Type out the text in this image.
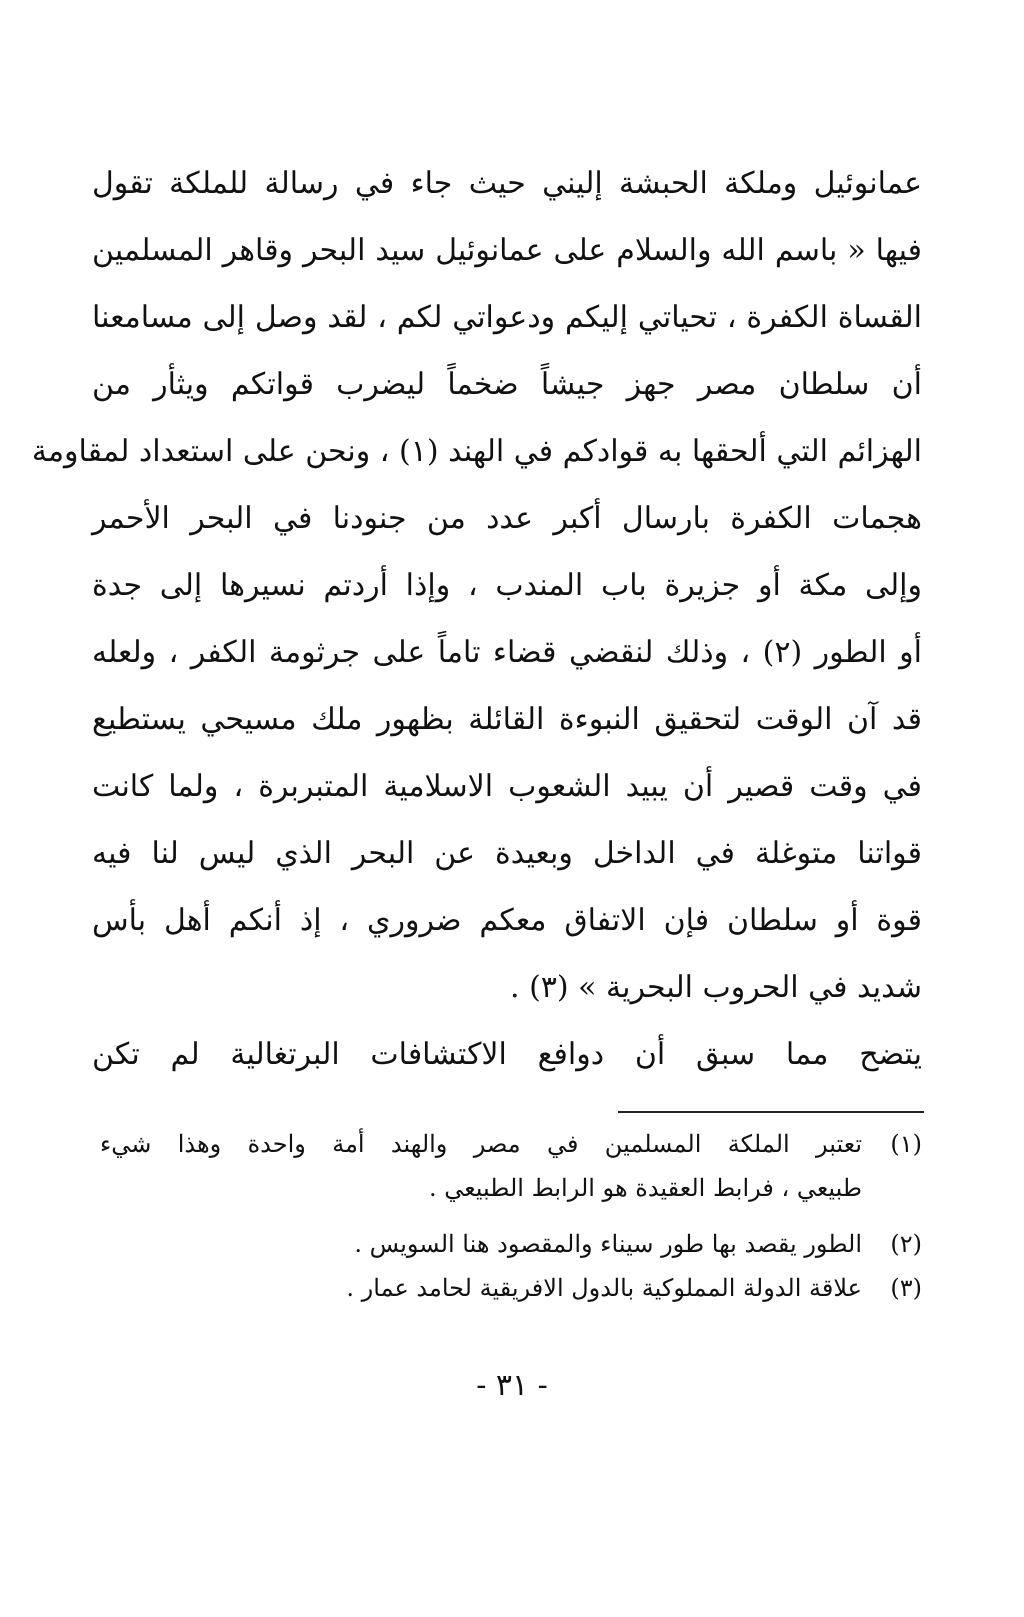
عمانوئيل وملكة الحبشة إليني حيث جاء في رسالة للملكة تقول
فيها « باسم الله والسلام على عمانوئيل سيد البحر وقاهر المسلمين
القساة الكفرة ، تحياتي إليكم ودعواتي لكم ، لقد وصل إلى مسامعنا
أن سلطان مصر جهز جيشاً ضخماً ليضرب قواتكم ويثأر من
الهزائم التي ألحقها به قوادكم في الهند (١) ، ونحن على استعداد لمقاومة
هجمات الكفرة بارسال أكبر عدد من جنودنا في البحر الأحمر
وإلى مكة أو جزيرة باب المندب ، وإذا أردتم نسيرها إلى جدة
أو الطور (٢) ، وذلك لنقضي قضاء تاماً على جرثومة الكفر ، ولعله
قد آن الوقت لتحقيق النبوءة القائلة بظهور ملك مسيحي يستطيع
في وقت قصير أن يبيد الشعوب الاسلامية المتبربرة ، ولما كانت
قواتنا متوغلة في الداخل وبعيدة عن البحر الذي ليس لنا فيه
قوة أو سلطان فإن الاتفاق معكم ضروري ، إذ أنكم أهل بأس
شديد في الحروب البحرية » (٣) .
يتضح مما سبق أن دوافع الاكتشافات البرتغالية لم تكن
(١)
تعتبر الملكة المسلمين في مصر والهند أمة واحدة وهذا شيء
طبيعي ، فرابط العقيدة هو الرابط الطبيعي .
(٢)
الطور يقصد بها طور سيناء والمقصود هنا السويس .
(٣)
علاقة الدولة المملوكية بالدول الافريقية لحامد عمار .
- ٣١ -
